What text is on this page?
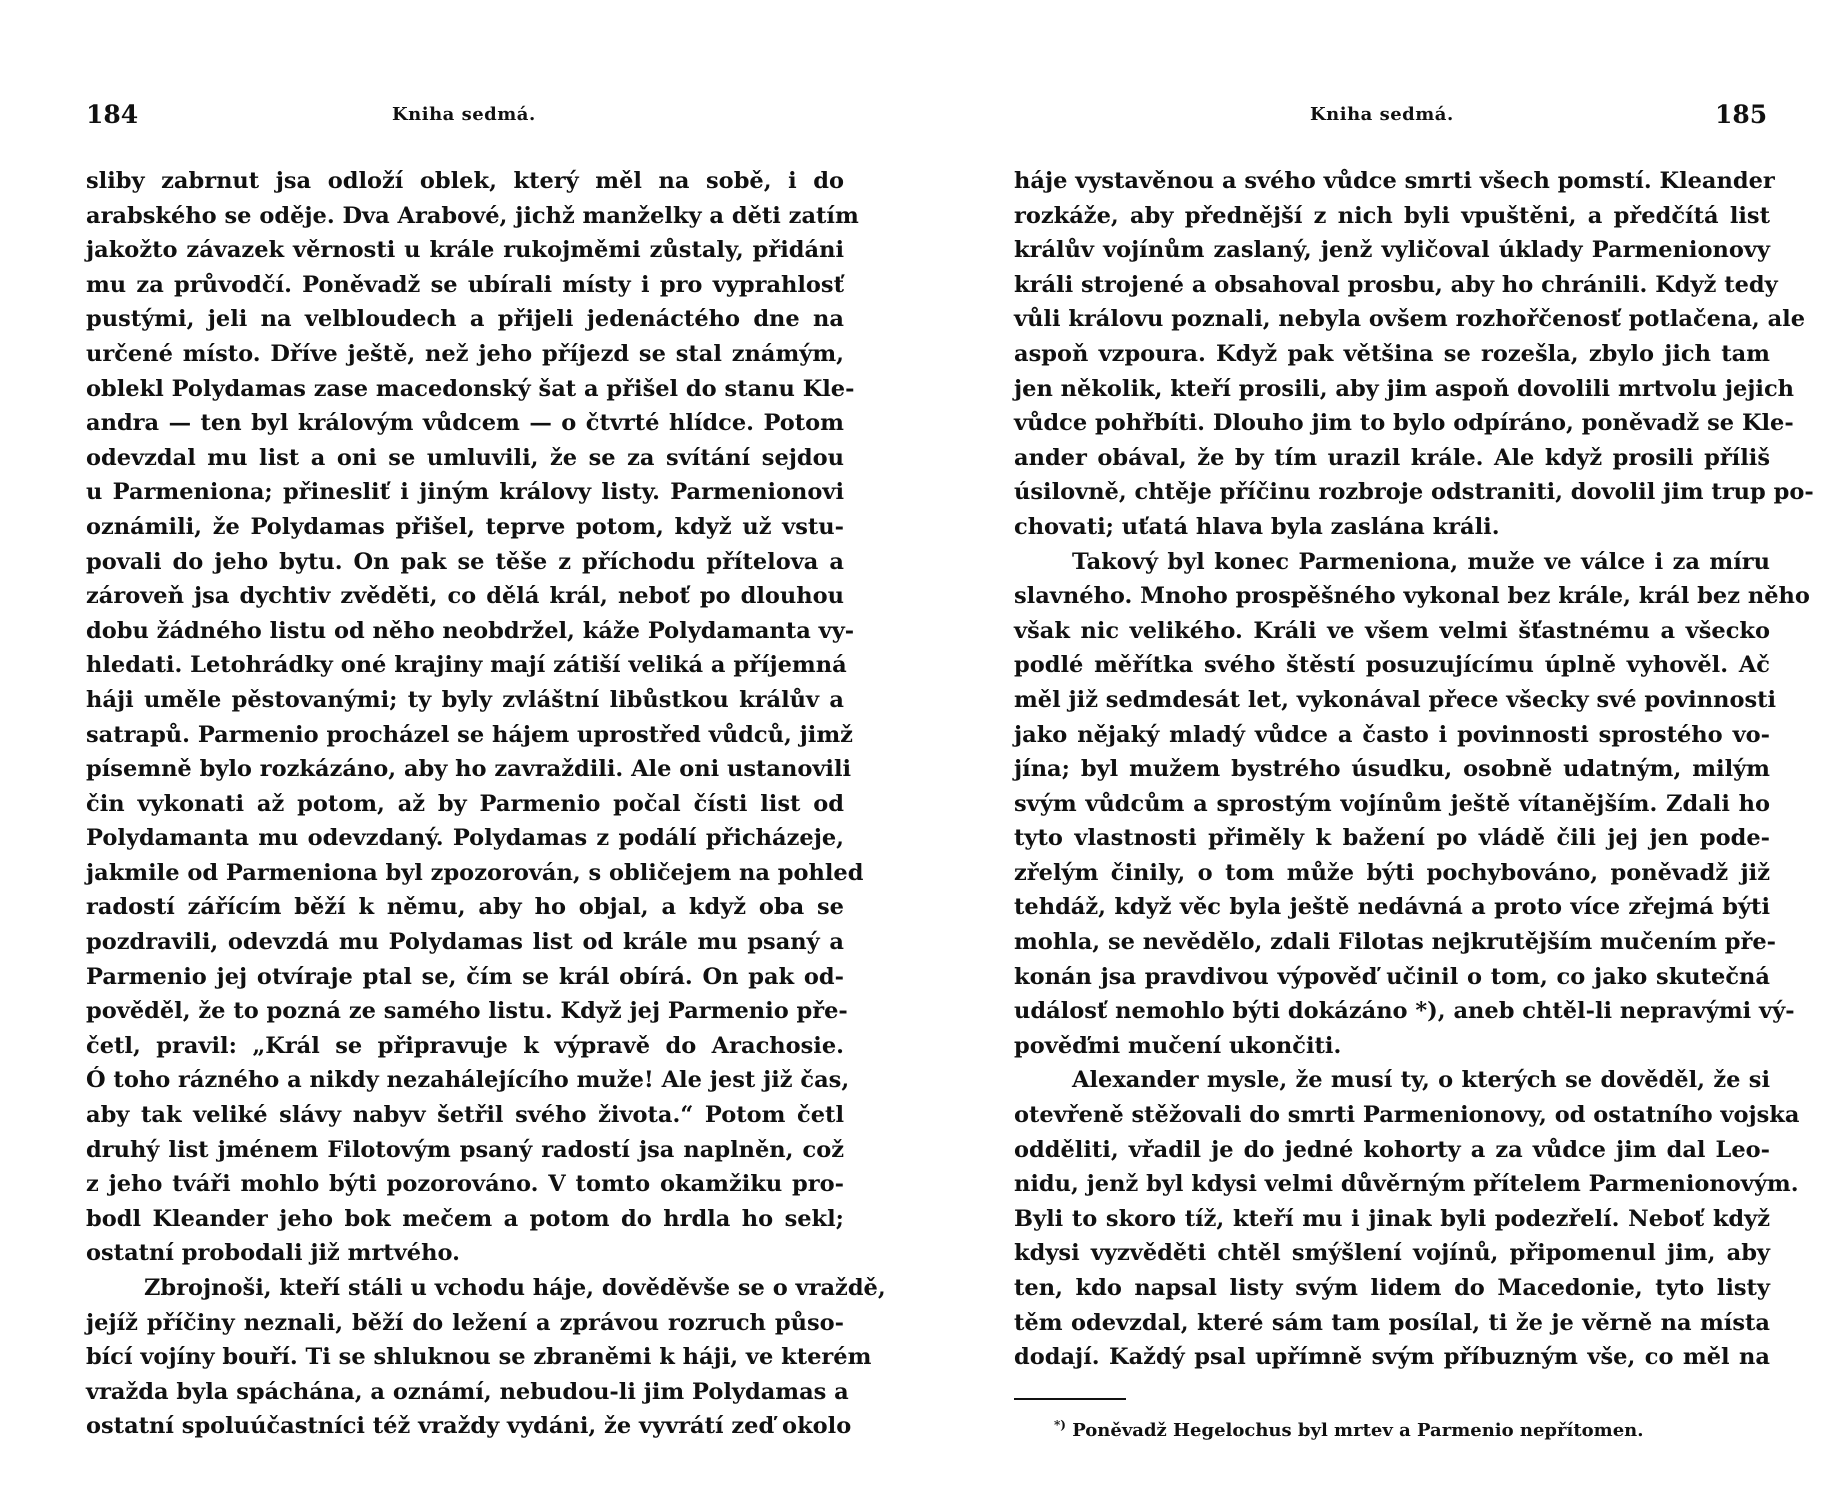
184	Kniha sedmá.
sliby zabrnut jsa odloží oblek, který měl na sobě, i do
arabského se oděje. Dva Arabové, jichž manželky a děti zatím
jakožto závazek věrnosti u krále rukojměmi zůstaly, přidáni
mu za průvodčí. Poněvadž se ubírali místy i pro vyprahlosť
pustými, jeli na velbloudech a přijeli jedenáctého dne na
určené místo. Dříve ještě, než jeho příjezd se stal známým,
oblekl Polydamas zase macedonský šat a přišel do stanu Kle-
andra — ten byl královým vůdcem — o čtvrté hlídce. Potom
odevzdal mu list a oni se umluvili, že se za svítání sejdou
u Parmeniona; přinesliť i jiným královy listy. Parmenionovi
oznámili, že Polydamas přišel, teprve potom, když už vstu-
povali do jeho bytu. On pak se těše z příchodu přítelova a
zároveň jsa dychtiv zvěděti, co dělá král, neboť po dlouhou
dobu žádného listu od něho neobdržel, káže Polydamanta vy-
hledati. Letohrádky oné krajiny mají zátiší veliká a příjemná
háji uměle pěstovanými; ty byly zvláštní libůstkou králův a
satrapů. Parmenio procházel se hájem uprostřed vůdců, jimž
písemně bylo rozkázáno, aby ho zavraždili. Ale oni ustanovili
čin vykonati až potom, až by Parmenio počal čísti list od
Polydamanta mu odevzdaný. Polydamas z podálí přicházeje,
jakmile od Parmeniona byl zpozorován, s obličejem na pohled
radostí zářícím běží k němu, aby ho objal, a když oba se
pozdravili, odevzdá mu Polydamas list od krále mu psaný a
Parmenio jej otvíraje ptal se, čím se král obírá. On pak od-
pověděl, že to pozná ze samého listu. Když jej Parmenio pře-
četl, pravil: „Král se připravuje k výpravě do Arachosie.
Ó toho rázného a nikdy nezahálejícího muže! Ale jest již čas,
aby tak veliké slávy nabyv šetřil svého života.“ Potom četl
druhý list jménem Filotovým psaný radostí jsa naplněn, což
z jeho tváři mohlo býti pozorováno. V tomto okamžiku pro-
bodl Kleander jeho bok mečem a potom do hrdla ho sekl;
ostatní probodali již mrtvého.
Zbrojnoši, kteří stáli u vchodu háje, dověděvše se o vraždě,
jejíž příčiny neznali, běží do ležení a zprávou rozruch půso-
bící vojíny bouří. Ti se shluknou se zbraněmi k háji, ve kterém
vražda byla spáchána, a oznámí, nebudou-li jim Polydamas a
ostatní spoluúčastníci též vraždy vydáni, že vyvrátí zeď okolo
Kniha sedmá.	185
háje vystavěnou a svého vůdce smrti všech pomstí. Kleander
rozkáže, aby přednější z nich byli vpuštěni, a předčítá list
králův vojínům zaslaný, jenž vyličoval úklady Parmenionovy
králi strojené a obsahoval prosbu, aby ho chránili. Když tedy
vůli královu poznali, nebyla ovšem rozhořčenosť potlačena, ale
aspoň vzpoura. Když pak většina se rozešla, zbylo jich tam
jen několik, kteří prosili, aby jim aspoň dovolili mrtvolu jejich
vůdce pohřbíti. Dlouho jim to bylo odpíráno, poněvadž se Kle-
ander obával, že by tím urazil krále. Ale když prosili příliš
úsilovně, chtěje příčinu rozbroje odstraniti, dovolil jim trup po-
chovati; uťatá hlava byla zaslána králi.
Takový byl konec Parmeniona, muže ve válce i za míru
slavného. Mnoho prospěšného vykonal bez krále, král bez něho
však nic velikého. Králi ve všem velmi šťastnému a všecko
podlé měřítka svého štěstí posuzujícímu úplně vyhověl. Ač
měl již sedmdesát let, vykonával přece všecky své povinnosti
jako nějaký mladý vůdce a často i povinnosti sprostého vo-
jína; byl mužem bystrého úsudku, osobně udatným, milým
svým vůdcům a sprostým vojínům ještě vítanějším. Zdali ho
tyto vlastnosti přiměly k bažení po vládě čili jej jen pode-
zřelým činily, o tom může býti pochybováno, poněvadž již
tehdáž, když věc byla ještě nedávná a proto více zřejmá býti
mohla, se nevědělo, zdali Filotas nejkrutějším mučením pře-
konán jsa pravdivou výpověď učinil o tom, co jako skutečná
událosť nemohlo býti dokázáno *), aneb chtěl-li nepravými vý-
pověďmi mučení ukončiti.
Alexander mysle, že musí ty, o kterých se dověděl, že si
otevřeně stěžovali do smrti Parmenionovy, od ostatního vojska
odděliti, vřadil je do jedné kohorty a za vůdce jim dal Leo-
nidu, jenž byl kdysi velmi důvěrným přítelem Parmenionovým.
Byli to skoro tíž, kteří mu i jinak byli podezřelí. Neboť když
kdysi vyzvěděti chtěl smýšlení vojínů, připomenul jim, aby
ten, kdo napsal listy svým lidem do Macedonie, tyto listy
těm odevzdal, které sám tam posílal, ti že je věrně na místa
dodají. Každý psal upřímně svým příbuzným vše, co měl na
*) Poněvadž Hegelochus byl mrtev a Parmenio nepřítomen.
